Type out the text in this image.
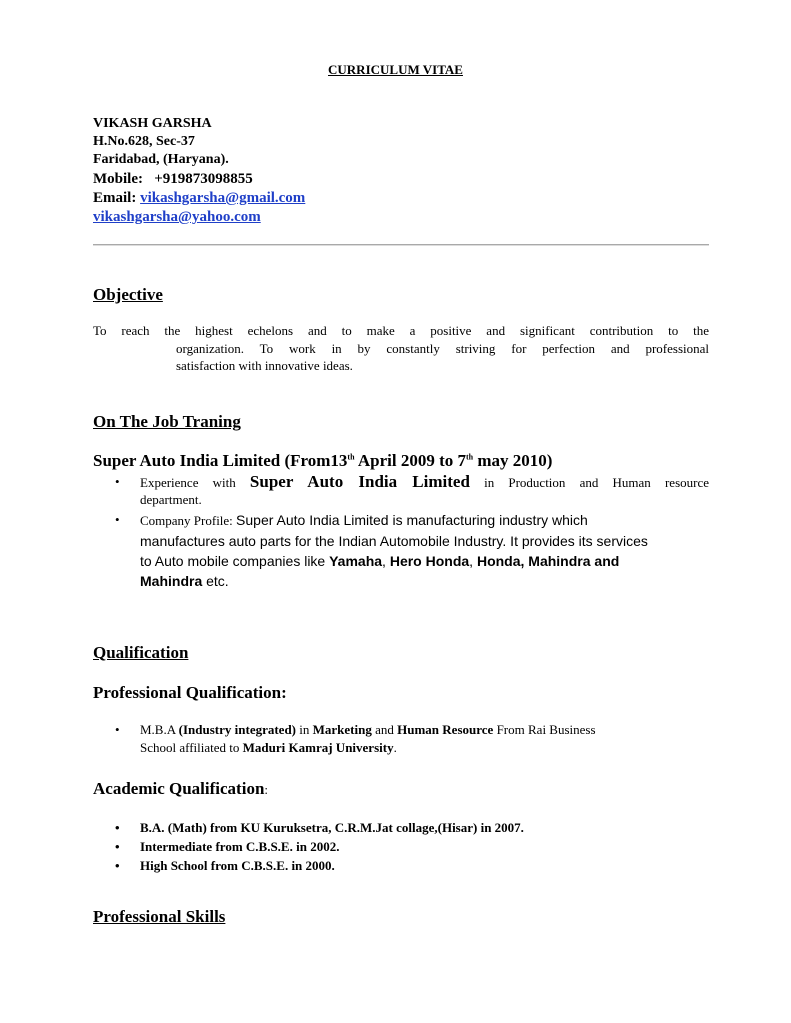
CURRICULUM VITAE
VIKASH GARSHA
H.No.628, Sec-37
Faridabad, (Haryana).
Mobile: +919873098855
Email: vikashgarsha@gmail.com
vikashgarsha@yahoo.com
Objective
To reach the highest echelons and to make a positive and significant contribution to the
organization. To work in by constantly striving for perfection and professional
satisfaction with innovative ideas.
On The Job Traning
Super Auto India Limited (From13th April 2009 to 7th may 2010)
• Experience with Super Auto India Limited in Production and Human resource
department.
• Company Profile: Super Auto India Limited is manufacturing industry which
manufactures auto parts for the Indian Automobile Industry. It provides its services
to Auto mobile companies like Yamaha, Hero Honda, Honda, Mahindra and
Mahindra etc.
Qualification
Professional Qualification:
• M.B.A (Industry integrated) in Marketing and Human Resource From Rai Business
School affiliated to Maduri Kamraj University.
Academic Qualification:
• B.A. (Math) from KU Kuruksetra, C.R.M.Jat collage,(Hisar) in 2007.
• Intermediate from C.B.S.E. in 2002.
• High School from C.B.S.E. in 2000.
Professional Skills
